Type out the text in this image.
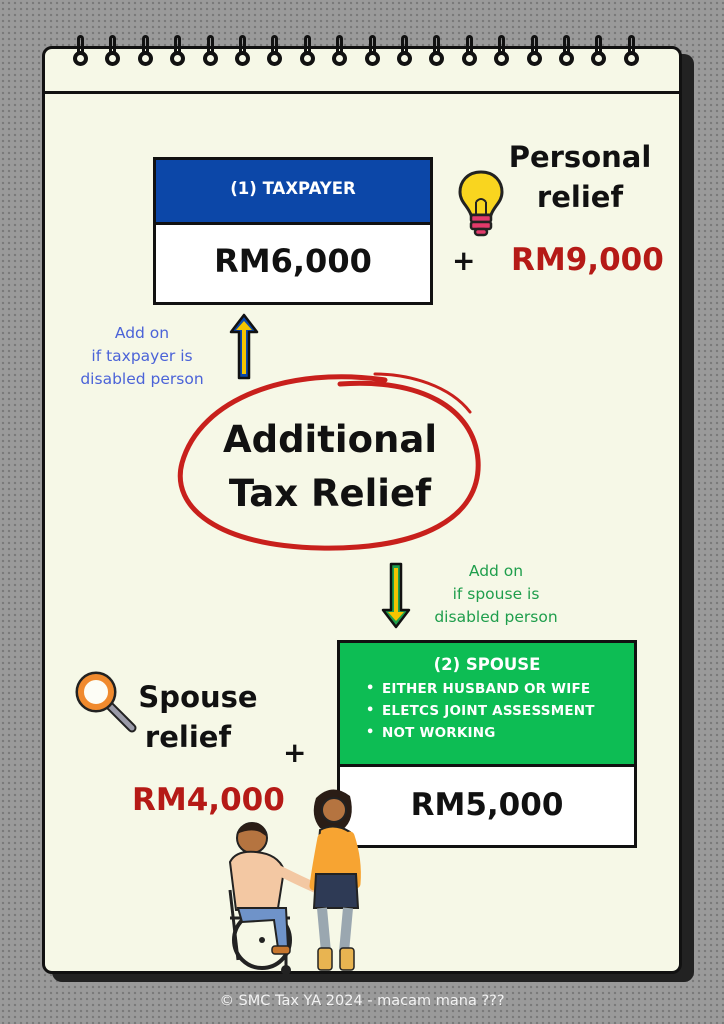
(1) TAXPAYER
RM6,000
Personal
relief
+ RM9,000
Add on
if taxpayer is
disabled person
Additional
Tax Relief
Add on
if spouse is
disabled person
(2) SPOUSE
• EITHER HUSBAND OR WIFE
• ELETCS JOINT ASSESSMENT
• NOT WORKING
RM5,000
Spouse
relief	+
RM4,000
© SMC Tax YA 2024 - macam mana ???
